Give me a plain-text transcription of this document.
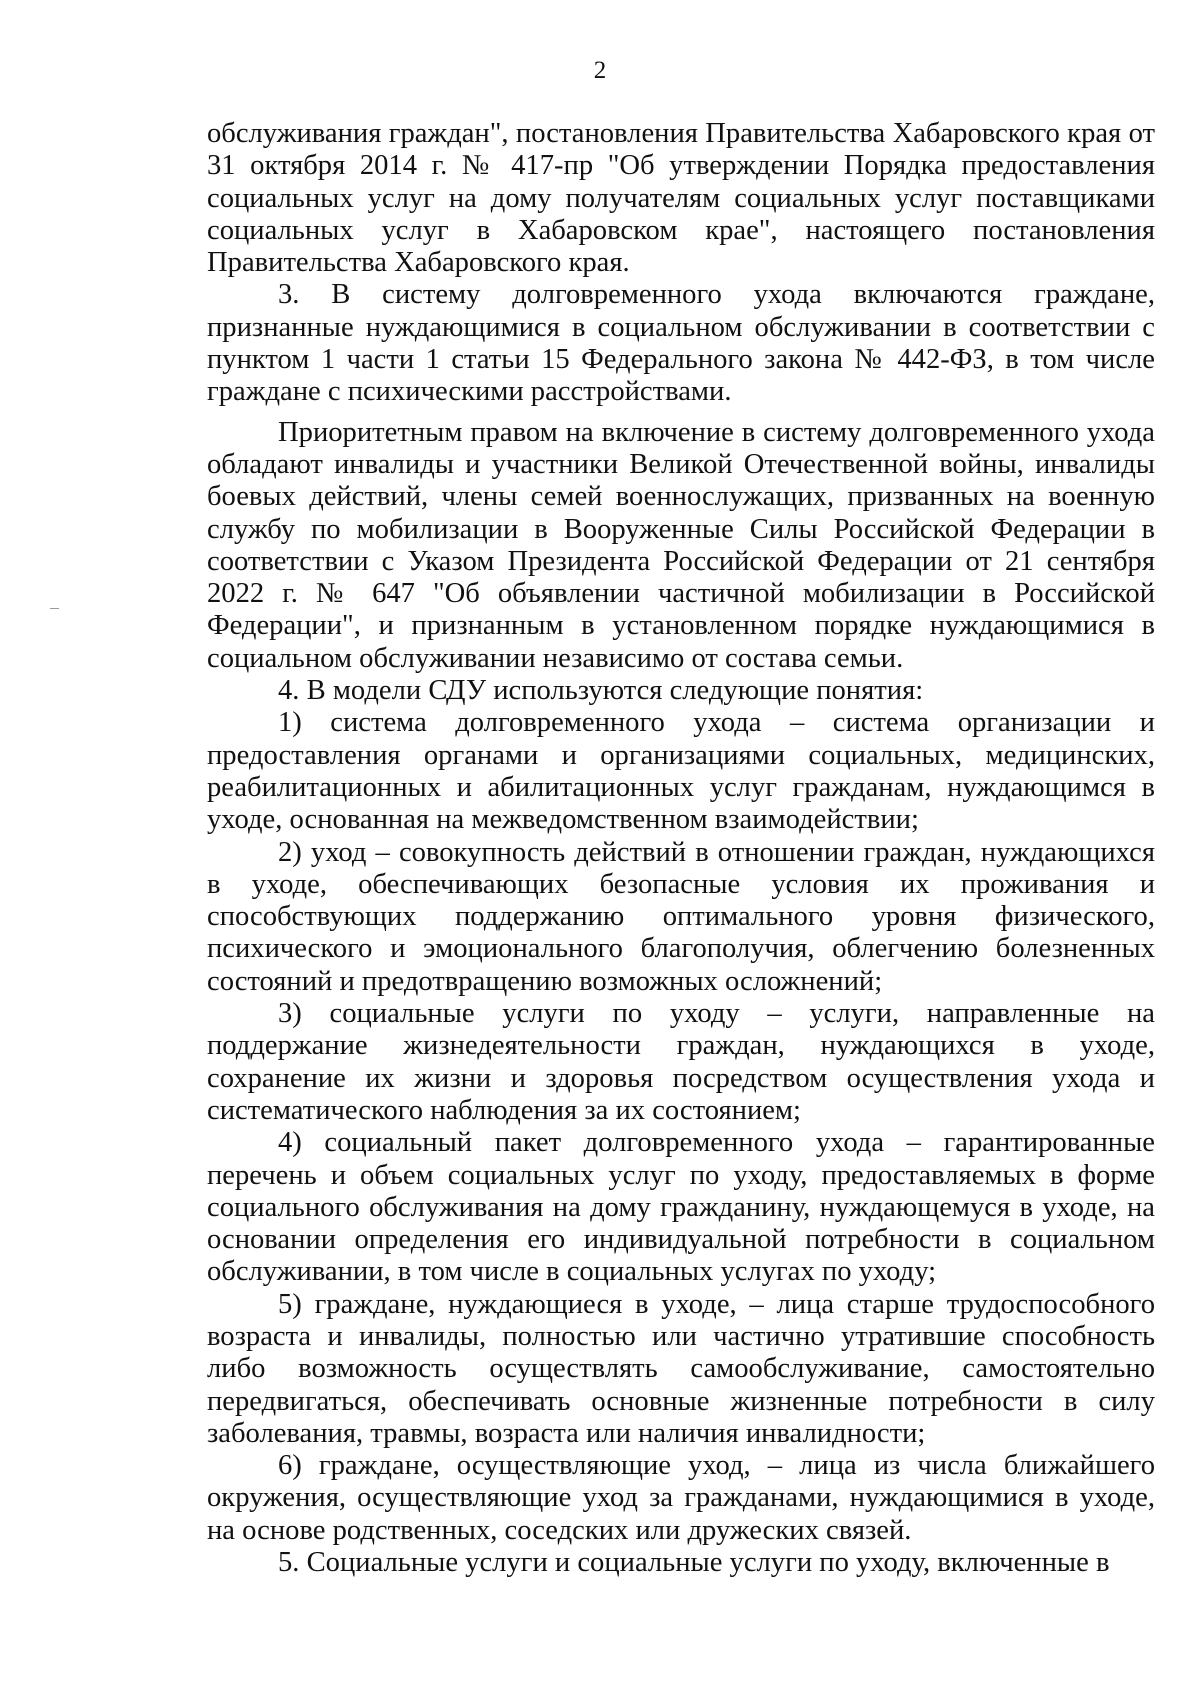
2

обслуживания граждан", постановления Правительства Хабаровского края от 31 октября 2014 г. № 417-пр "Об утверждении Порядка предоставления социальных услуг на дому получателям социальных услуг поставщиками социальных услуг в Хабаровском крае", настоящего постановления Правительства Хабаровского края.

3. В систему долговременного ухода включаются граждане, признанные нуждающимися в социальном обслуживании в соответствии с пунктом 1 части 1 статьи 15 Федерального закона № 442-ФЗ, в том числе граждане с психическими расстройствами.

Приоритетным правом на включение в систему долговременного ухода обладают инвалиды и участники Великой Отечественной войны, инвалиды боевых действий, члены семей военнослужащих, призванных на военную службу по мобилизации в Вооруженные Силы Российской Федерации в соответствии с Указом Президента Российской Федерации от 21 сентября 2022 г. № 647 "Об объявлении частичной мобилизации в Российской Федерации", и признанным в установленном порядке нуждающимися в социальном обслуживании независимо от состава семьи.

4. В модели СДУ используются следующие понятия:

1) система долговременного ухода – система организации и предоставления органами и организациями социальных, медицинских, реабилитационных и абилитационных услуг гражданам, нуждающимся в уходе, основанная на межведомственном взаимодействии;

2) уход – совокупность действий в отношении граждан, нуждающихся в уходе, обеспечивающих безопасные условия их проживания и способствующих поддержанию оптимального уровня физического, психического и эмоционального благополучия, облегчению болезненных состояний и предотвращению возможных осложнений;

3) социальные услуги по уходу – услуги, направленные на поддержание жизнедеятельности граждан, нуждающихся в уходе, сохранение их жизни и здоровья посредством осуществления ухода и систематического наблюдения за их состоянием;

4) социальный пакет долговременного ухода – гарантированные перечень и объем социальных услуг по уходу, предоставляемых в форме социального обслуживания на дому гражданину, нуждающемуся в уходе, на основании определения его индивидуальной потребности в социальном обслуживании, в том числе в социальных услугах по уходу;

5) граждане, нуждающиеся в уходе, – лица старше трудоспособного возраста и инвалиды, полностью или частично утратившие способность либо возможность осуществлять самообслуживание, самостоятельно передвигаться, обеспечивать основные жизненные потребности в силу заболевания, травмы, возраста или наличия инвалидности;

6) граждане, осуществляющие уход, – лица из числа ближайшего окружения, осуществляющие уход за гражданами, нуждающимися в уходе, на основе родственных, соседских или дружеских связей.

5. Социальные услуги и социальные услуги по уходу, включенные в
